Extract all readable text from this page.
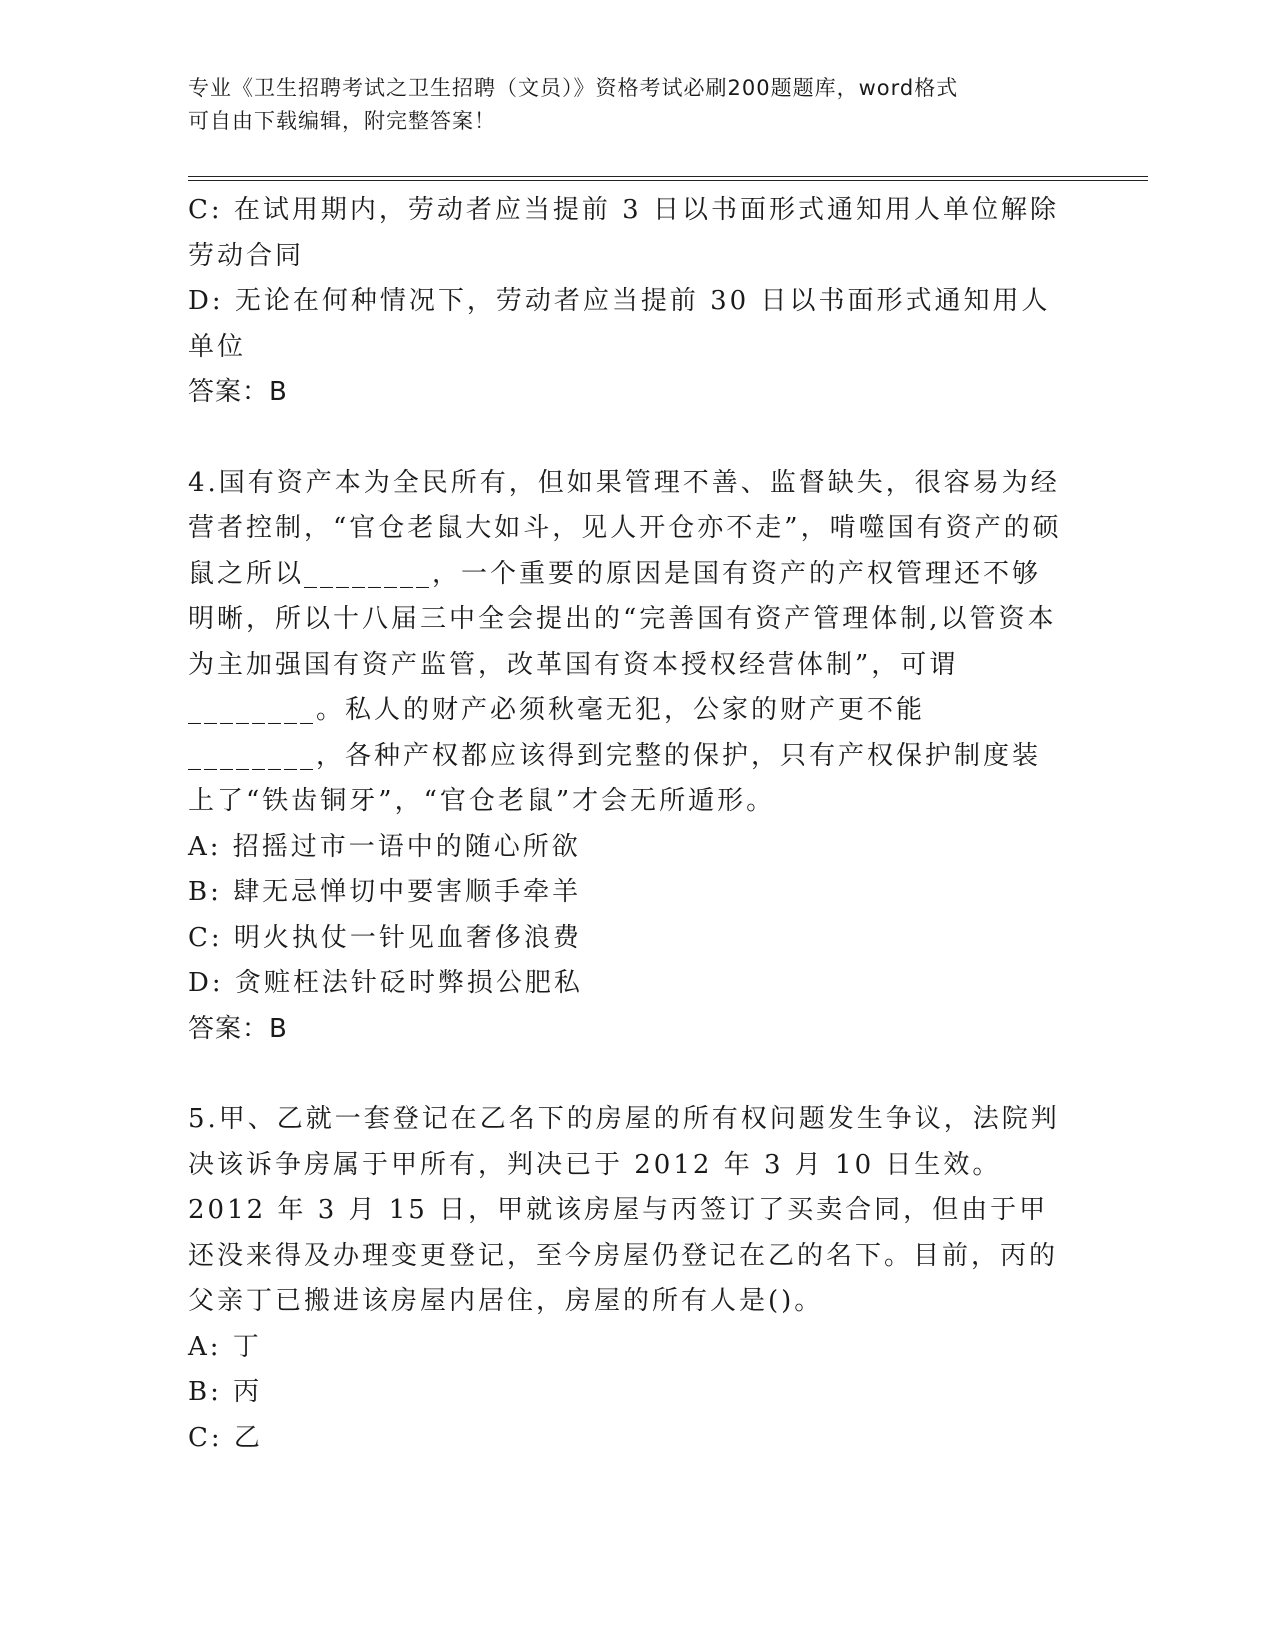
专业《卫生招聘考试之卫生招聘（文员）》资格考试必刷200题题库，word格式
可自由下载编辑，附完整答案！

C: 在试用期内，劳动者应当提前 3 日以书面形式通知用人单位解除劳动合同

D: 无论在何种情况下，劳动者应当提前 30 日以书面形式通知用人单位

答案：B

4.国有资产本为全民所有，但如果管理不善、监督缺失，很容易为经营者控制，“官仓老鼠大如斗，见人开仓亦不走”，啃噬国有资产的硕鼠之所以________，一个重要的原因是国有资产的产权管理还不够明晰，所以十八届三中全会提出的“完善国有资产管理体制,以管资本为主加强国有资产监管，改革国有资本授权经营体制”，可谓________。私人的财产必须秋毫无犯，公家的财产更不能________，各种产权都应该得到完整的保护，只有产权保护制度装上了“铁齿铜牙”，“官仓老鼠”才会无所遁形。

A: 招摇过市一语中的随心所欲

B: 肆无忌惮切中要害顺手牵羊

C: 明火执仗一针见血奢侈浪费

D: 贪赃枉法针砭时弊损公肥私

答案：B

5.甲、乙就一套登记在乙名下的房屋的所有权问题发生争议，法院判决该诉争房属于甲所有，判决已于 2012 年 3 月 10 日生效。2012 年 3 月 15 日，甲就该房屋与丙签订了买卖合同，但由于甲还没来得及办理变更登记，至今房屋仍登记在乙的名下。目前，丙的父亲丁已搬进该房屋内居住，房屋的所有人是()。

A: 丁

B: 丙

C: 乙
